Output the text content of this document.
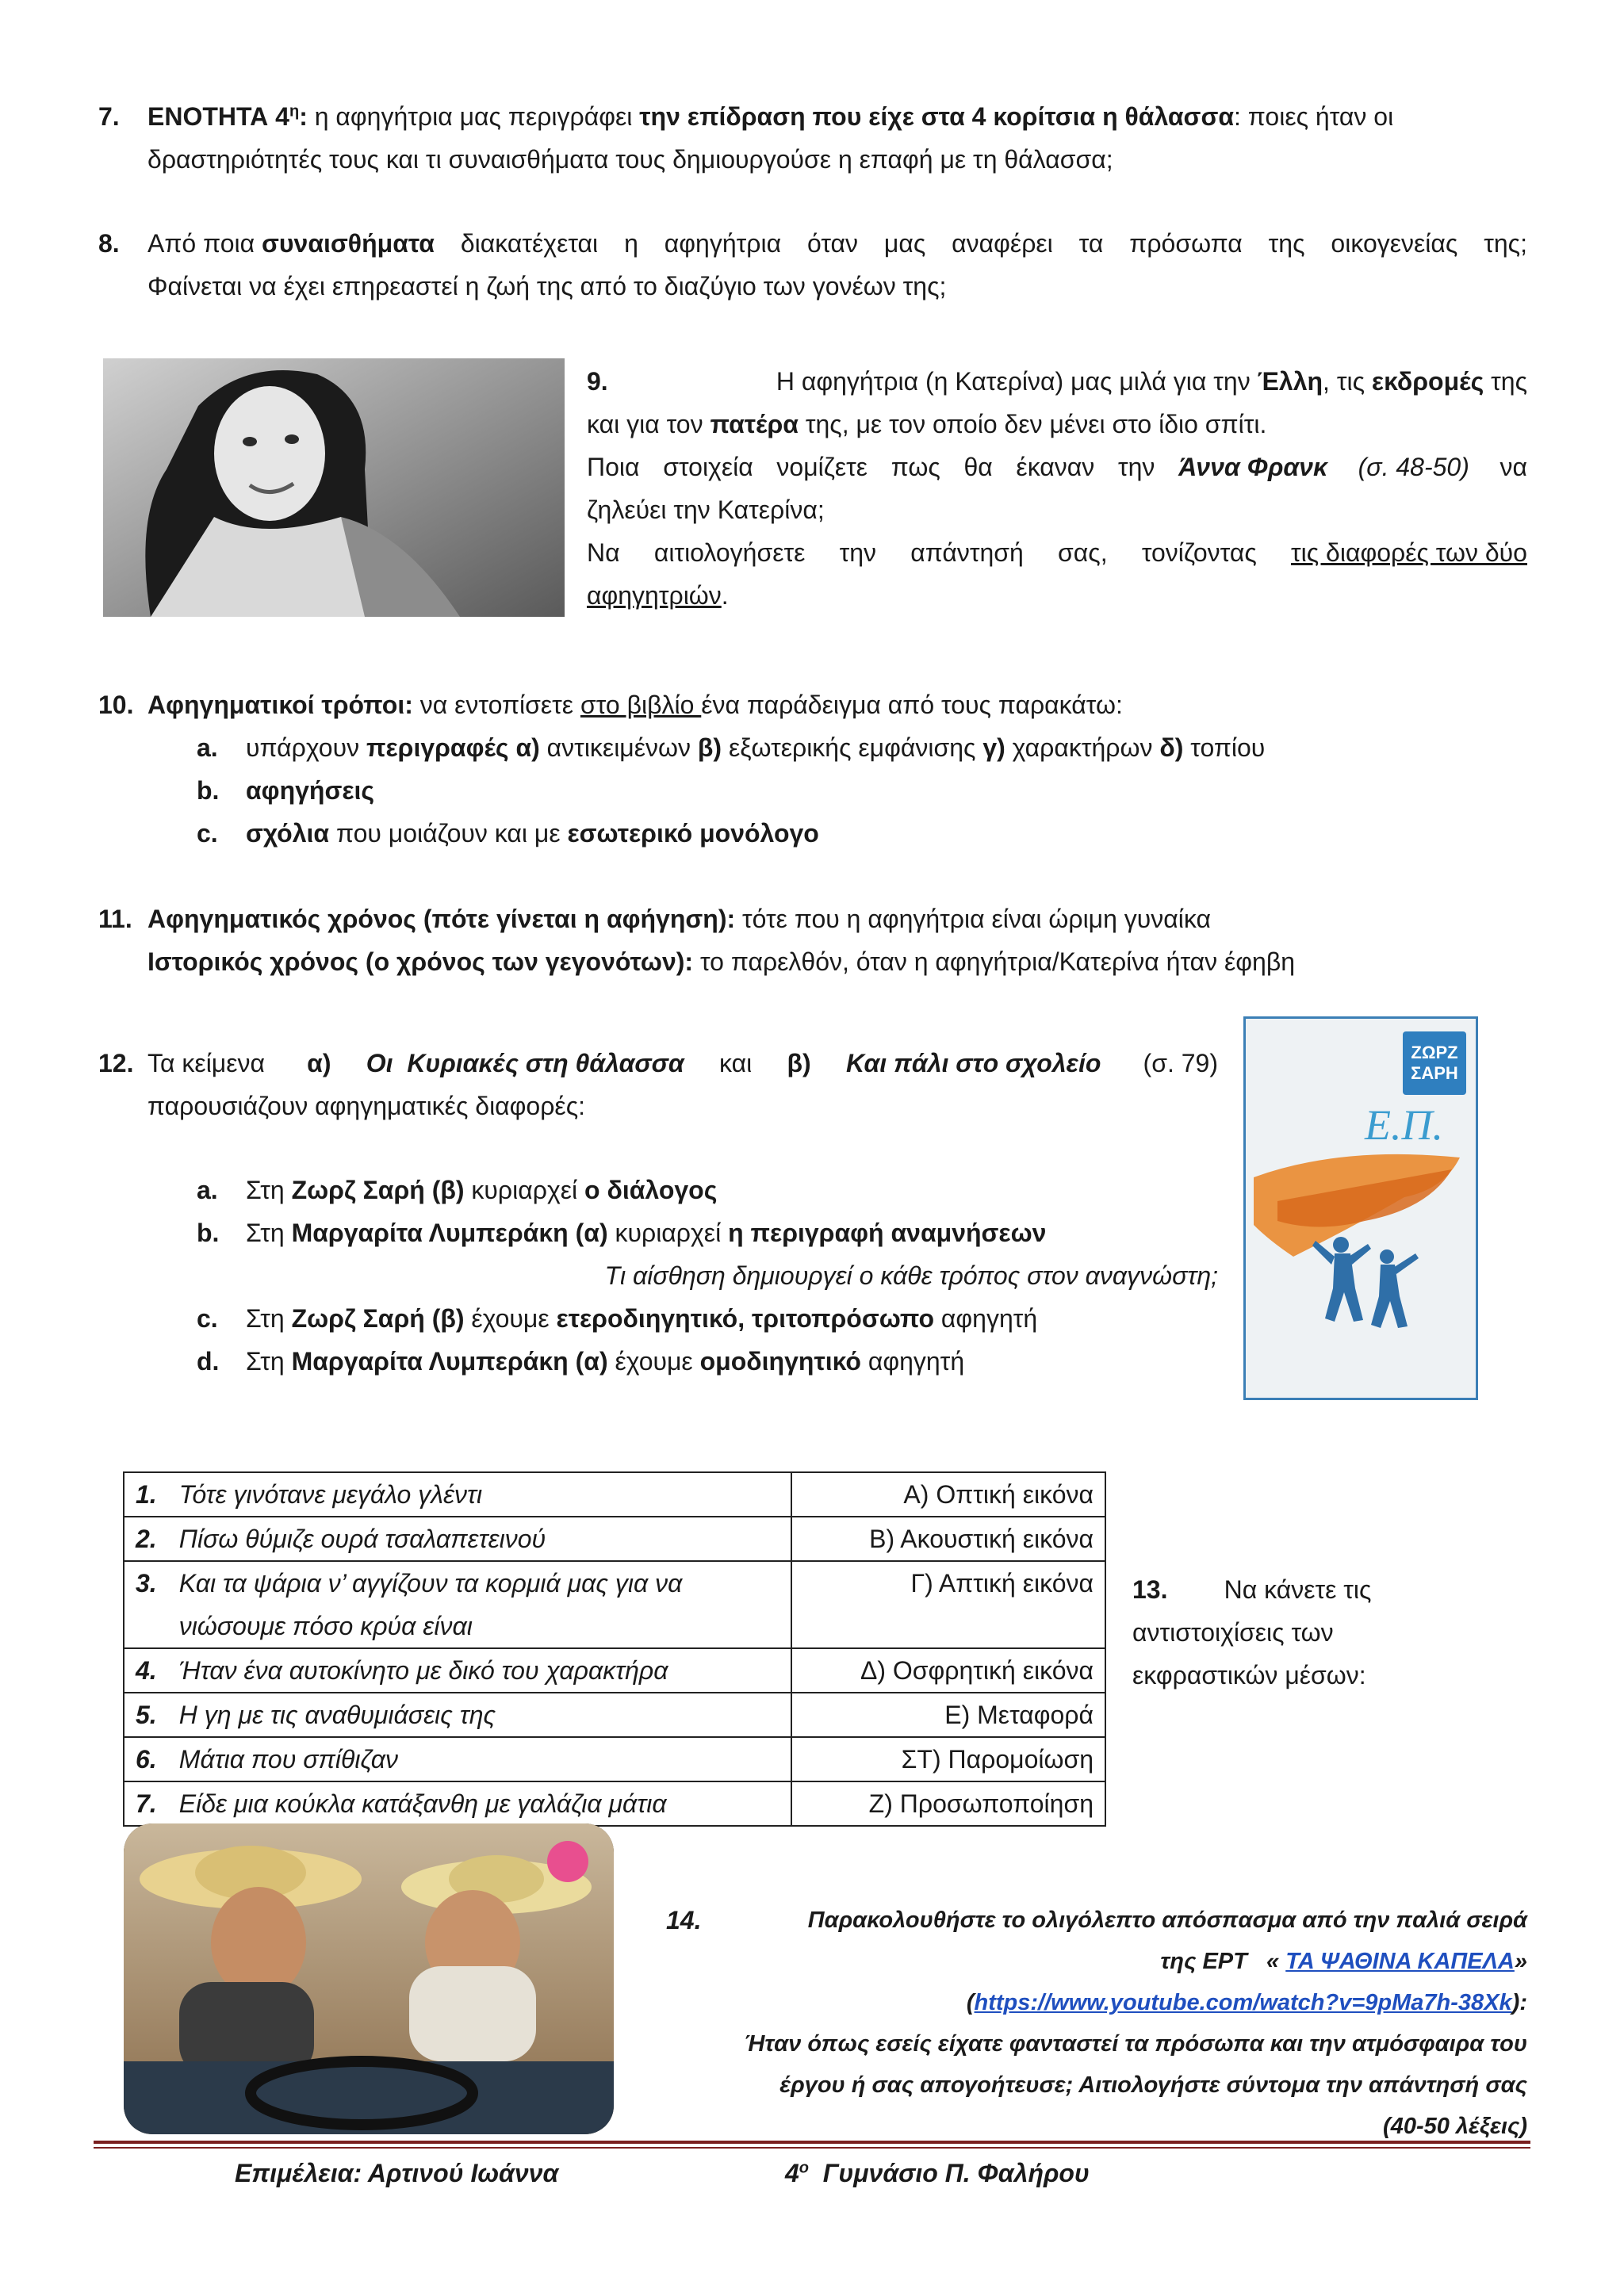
7. ΕΝΟΤΗΤΑ $4^\eta$: η αφηγήτρια μας περιγράφει την επίδραση που είχε στα 4 κορίτσια η θάλασσα: ποιες ήταν οι
δραστηριότητές τους και τι συναισθήματα τους δημιουργούσε η επαφή με τη θάλασσα;
8. Από ποια συναισθήματα διακατέχεται η αφηγήτρια όταν μας αναφέρει τα πρόσωπα της οικογενείας της;
Φαίνεται να έχει επηρεαστεί η ζωή της από το διαζύγιο των γονέων της;
9.	Η αφηγήτρια (η Κατερίνα) μας μιλά για την Έλλη, τις εκδρομές της
και για τον πατέρα της, με τον οποίο δεν μένει στο ίδιο σπίτι.
Ποια στοιχεία νομίζετε πως θα έκαναν την Άννα Φρανκ (σ. 48-50) να
ζηλεύει την Κατερίνα;
Να αιτιολογήσετε την απάντησή σας, τονίζοντας τις διαφορές των δύο
αφηγητριών.
10. Αφηγηματικοί τρόποι: να εντοπίσετε στο βιβλίο ένα παράδειγμα από τους παρακάτω:
a. υπάρχουν περιγραφές α) αντικειμένων β) εξωτερικής εμφάνισης γ) χαρακτήρων δ) τοπίου
b. αφηγήσεις
c. σχόλια που μοιάζουν και με εσωτερικό μονόλογο
11. Αφηγηματικός χρόνος (πότε γίνεται η αφήγηση): τότε που η αφηγήτρια είναι ώριμη γυναίκα
Ιστορικός χρόνος (ο χρόνος των γεγονότων): το παρελθόν, όταν η αφηγήτρια/Κατερίνα ήταν έφηβη
12. Τα κείμενα α) Οι  Κυριακές στη θάλασσα και β) Και πάλι στο σχολείο (σ. 79)
παρουσιάζουν αφηγηματικές διαφορές:
a. Στη Ζωρζ Σαρή (β) κυριαρχεί ο διάλογος
b. Στη Μαργαρίτα Λυμπεράκη (α) κυριαρχεί η περιγραφή αναμνήσεων
Τι αίσθηση δημιουργεί ο κάθε τρόπος στον αναγνώστη;
c. Στη Ζωρζ Σαρή (β) έχουμε ετεροδιηγητικό, τριτοπρόσωπο αφηγητή
d. Στη Μαργαρίτα Λυμπεράκη (α) έχουμε ομοδιηγητικό αφηγητή
ΖΩΡΖ
ΣΑΡΗ
Ε.Π.
1.	Τότε γινότανε μεγάλο γλέντι	Α) Οπτική εικόνα
2.	Πίσω θύμιζε ουρά τσαλαπετεινού	Β) Ακουστική εικόνα
3.	Και τα ψάρια ν’ αγγίζουν τα κορμιά μας για να νιώσουμε πόσο κρύα είναι	Γ) Απτική εικόνα
4.	Ήταν ένα αυτοκίνητο με δικό του χαρακτήρα	Δ) Οσφρητική εικόνα
5.	Η γη με τις αναθυμιάσεις της	Ε) Μεταφορά
6.	Μάτια που σπίθιζαν	ΣΤ) Παρομοίωση
7.	Είδε μια κούκλα κατάξανθη με γαλάζια μάτια	Ζ) Προσωποποίηση
13. Να κάνετε τις
αντιστοιχίσεις των
εκφραστικών μέσων:
14.	Παρακολουθήστε το ολιγόλεπτο απόσπασμα από την παλιά σειρά
της ΕΡΤ   « ΤΑ ΨΑΘΙΝΑ ΚΑΠΕΛΑ»
(https://www.youtube.com/watch?v=9pMa7h-38Xk):
Ήταν όπως εσείς είχατε φανταστεί τα πρόσωπα και την ατμόσφαιρα του
έργου ή σας απογοήτευσε; Αιτιολογήστε σύντομα την απάντησή σας
(40-50 λέξεις)
Επιμέλεια: Αρτινού Ιωάννα	$4^o$  Γυμνάσιο Π. Φαλήρου
